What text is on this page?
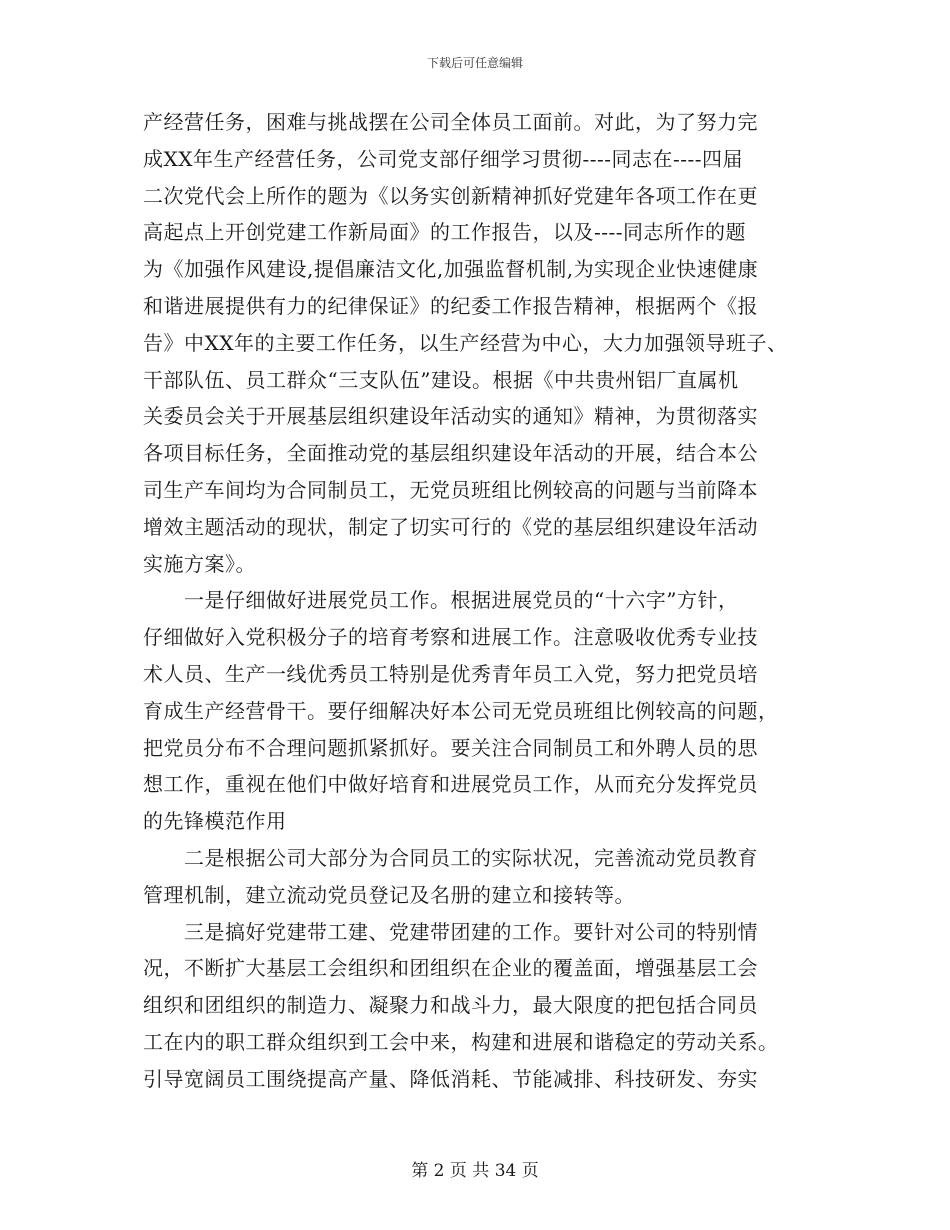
下载后可任意编辑

产经营任务，困难与挑战摆在公司全体员工面前。对此，为了努力完

成XX年生产经营任务，公司党支部仔细学习贯彻----同志在----四届

二次党代会上所作的题为《以务实创新精神抓好党建年各项工作在更

高起点上开创党建工作新局面》的工作报告，以及----同志所作的题

为《加强作风建设,提倡廉洁文化,加强监督机制,为实现企业快速健康

和谐进展提供有力的纪律保证》的纪委工作报告精神，根据两个《报

告》中XX年的主要工作任务，以生产经营为中心，大力加强领导班子、

干部队伍、员工群众“三支队伍”建设。根据《中共贵州铝厂直属机

关委员会关于开展基层组织建设年活动实的通知》精神，为贯彻落实

各项目标任务，全面推动党的基层组织建设年活动的开展，结合本公

司生产车间均为合同制员工，无党员班组比例较高的问题与当前降本

增效主题活动的现状，制定了切实可行的《党的基层组织建设年活动

实施方案》。

　　一是仔细做好进展党员工作。根据进展党员的“十六字”方针，

仔细做好入党积极分子的培育考察和进展工作。注意吸收优秀专业技

术人员、生产一线优秀员工特别是优秀青年员工入党，努力把党员培

育成生产经营骨干。要仔细解决好本公司无党员班组比例较高的问题，

把党员分布不合理问题抓紧抓好。要关注合同制员工和外聘人员的思

想工作，重视在他们中做好培育和进展党员工作，从而充分发挥党员

的先锋模范作用

　　二是根据公司大部分为合同员工的实际状况，完善流动党员教育

管理机制，建立流动党员登记及名册的建立和接转等。

　　三是搞好党建带工建、党建带团建的工作。要针对公司的特别情

况，不断扩大基层工会组织和团组织在企业的覆盖面，增强基层工会

组织和团组织的制造力、凝聚力和战斗力，最大限度的把包括合同员

工在内的职工群众组织到工会中来，构建和进展和谐稳定的劳动关系。

引导宽阔员工围绕提高产量、降低消耗、节能减排、科技研发、夯实

第 2 页 共 34 页
